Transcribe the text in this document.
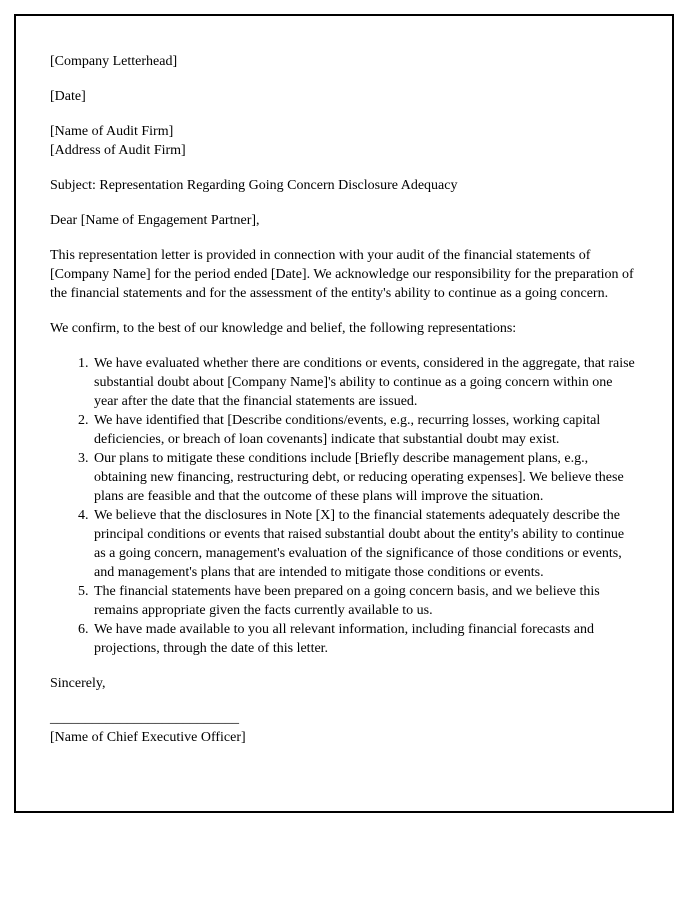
[Company Letterhead]

[Date]

[Name of Audit Firm]

[Address of Audit Firm]

Subject: Representation Regarding Going Concern Disclosure Adequacy

Dear [Name of Engagement Partner],

This representation letter is provided in connection with your audit of the financial statements of [Company Name] for the period ended [Date]. We acknowledge our responsibility for the preparation of the financial statements and for the assessment of the entity's ability to continue as a going concern.

We confirm, to the best of our knowledge and belief, the following representations:

1. We have evaluated whether there are conditions or events, considered in the aggregate, that raise substantial doubt about [Company Name]'s ability to continue as a going concern within one year after the date that the financial statements are issued.
2. We have identified that [Describe conditions/events, e.g., recurring losses, working capital deficiencies, or breach of loan covenants] indicate that substantial doubt may exist.
3. Our plans to mitigate these conditions include [Briefly describe management plans, e.g., obtaining new financing, restructuring debt, or reducing operating expenses]. We believe these plans are feasible and that the outcome of these plans will improve the situation.
4. We believe that the disclosures in Note [X] to the financial statements adequately describe the principal conditions or events that raised substantial doubt about the entity's ability to continue as a going concern, management's evaluation of the significance of those conditions or events, and management's plans that are intended to mitigate those conditions or events.
5. The financial statements have been prepared on a going concern basis, and we believe this remains appropriate given the facts currently available to us.
6. We have made available to you all relevant information, including financial forecasts and projections, through the date of this letter.

Sincerely,

___________________________

[Name of Chief Executive Officer]
